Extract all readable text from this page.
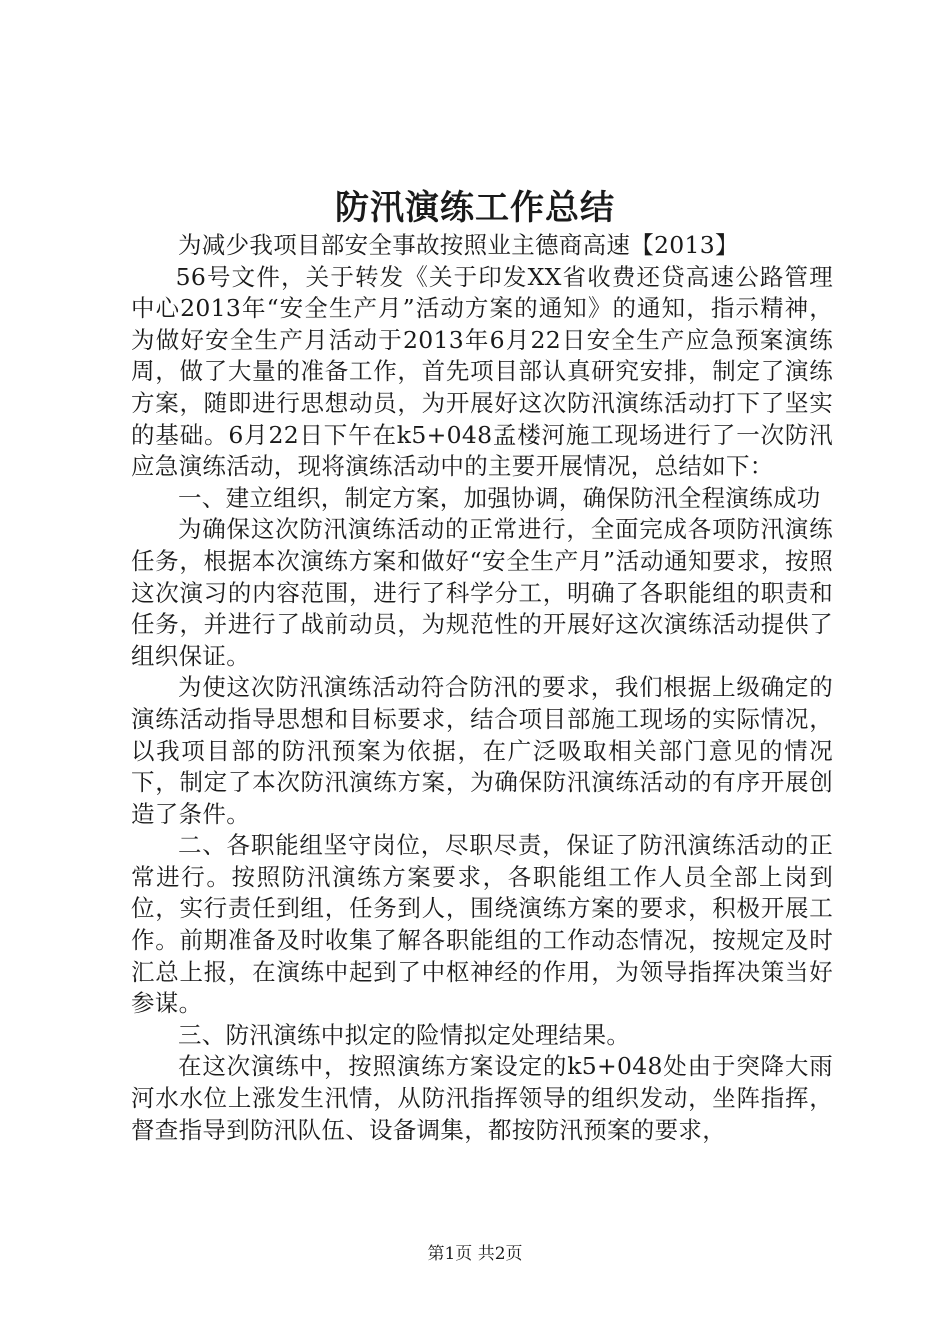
防汛演练工作总结

为减少我项目部安全事故按照业主德商高速【2013】

56号文件，关于转发《关于印发XX省收费还贷高速公路管理中心2013年“安全生产月”活动方案的通知》的通知，指示精神，为做好安全生产月活动于2013年6月22日安全生产应急预案演练周，做了大量的准备工作，首先项目部认真研究安排，制定了演练方案，随即进行思想动员，为开展好这次防汛演练活动打下了坚实的基础。6月22日下午在k5+048孟楼河施工现场进行了一次防汛应急演练活动，现将演练活动中的主要开展情况，总结如下：

一、建立组织，制定方案，加强协调，确保防汛全程演练成功

为确保这次防汛演练活动的正常进行，全面完成各项防汛演练任务，根据本次演练方案和做好“安全生产月”活动通知要求，按照这次演习的内容范围，进行了科学分工，明确了各职能组的职责和任务，并进行了战前动员，为规范性的开展好这次演练活动提供了组织保证。

为使这次防汛演练活动符合防汛的要求，我们根据上级确定的演练活动指导思想和目标要求，结合项目部施工现场的实际情况，以我项目部的防汛预案为依据，在广泛吸取相关部门意见的情况下，制定了本次防汛演练方案，为确保防汛演练活动的有序开展创造了条件。

二、各职能组坚守岗位，尽职尽责，保证了防汛演练活动的正常进行。按照防汛演练方案要求，各职能组工作人员全部上岗到位，实行责任到组，任务到人，围绕演练方案的要求，积极开展工作。前期准备及时收集了解各职能组的工作动态情况，按规定及时汇总上报，在演练中起到了中枢神经的作用，为领导指挥决策当好参谋。

三、防汛演练中拟定的险情拟定处理结果。

在这次演练中，按照演练方案设定的k5+048处由于突降大雨河水水位上涨发生汛情，从防汛指挥领导的组织发动，坐阵指挥，督查指导到防汛队伍、设备调集，都按防汛预案的要求，

第1页 共2页
